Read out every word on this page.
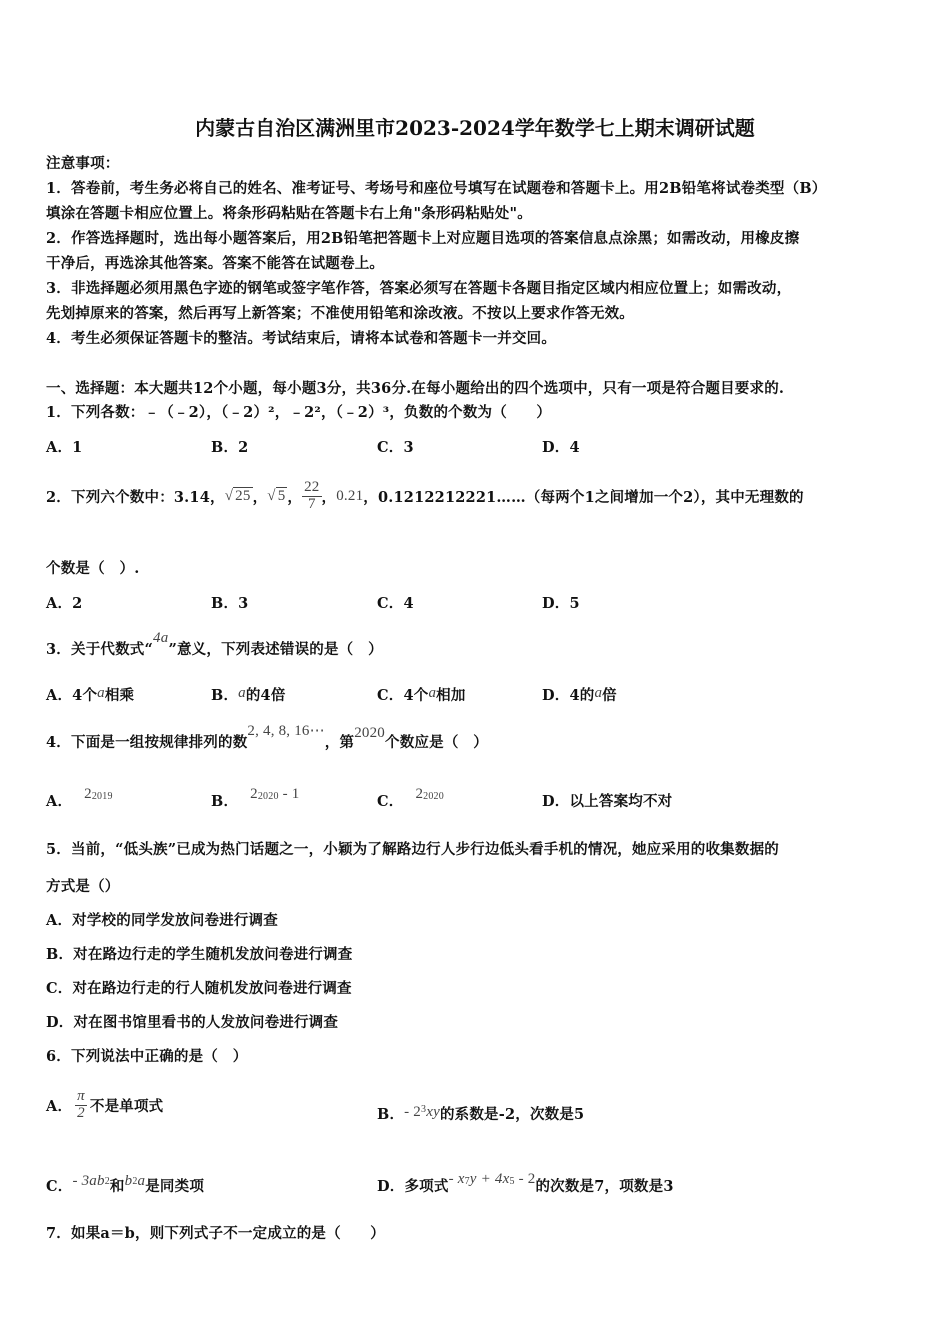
内蒙古自治区满洲里市2023-2024学年数学七上期末调研试题
注意事项：
1．答卷前，考生务必将自己的姓名、准考证号、考场号和座位号填写在试题卷和答题卡上。用2B铅笔将试卷类型（B）
填涂在答题卡相应位置上。将条形码粘贴在答题卡右上角"条形码粘贴处"。
2．作答选择题时，选出每小题答案后，用2B铅笔把答题卡上对应题目选项的答案信息点涂黑；如需改动，用橡皮擦
干净后，再选涂其他答案。答案不能答在试题卷上。
3．非选择题必须用黑色字迹的钢笔或签字笔作答，答案必须写在答题卡各题目指定区域内相应位置上；如需改动，
先划掉原来的答案，然后再写上新答案；不准使用铅笔和涂改液。不按以上要求作答无效。
4．考生必须保证答题卡的整洁。考试结束后，请将本试卷和答题卡一并交回。
一、选择题：本大题共12个小题，每小题3分，共36分.在每小题给出的四个选项中，只有一项是符合题目要求的.
1．下列各数：﹣（﹣2），（﹣2）²，﹣2²，（﹣2）³，负数的个数为（　　）
A．1	B．2	C．3	D．4
2．下列六个数中：3.14， √ 25 ， √ 5 ， $\frac{22}{7}$ ， 0.21 ，0.1212212221……（每两个1之间增加一个2），其中无理数的
个数是（　）.
A．2	B．3	C．4	D．5
3．关于代数式“4a”意义，下列表述错误的是（　）
A．4个a相乘	B．a的4倍	C．4个a相加	D．4的a倍
4．下面是一组按规律排列的数2, 4, 8, 16⋯，第2020个数应是（　）
A． $2^{2019}$	B． $2^{2020} - 1$	C． $2^{2020}$	D．以上答案均不对
5．当前，“低头族”已成为热门话题之一，小颖为了解路边行人步行边低头看手机的情况，她应采用的收集数据的
方式是（）
A．对学校的同学发放问卷进行调查
B．对在路边行走的学生随机发放问卷进行调查
C．对在路边行走的行人随机发放问卷进行调查
D．对在图书馆里看书的人发放问卷进行调查
6．下列说法中正确的是（　）
A． $\frac{\pi}{2}$ 不是单项式	B．- $2^3xy$的系数是-2，次数是5
C．- $3ab^2$和$b^2a$是同类项	D．多项式- $x^7y + 4x^5 - 2$的次数是7，项数是3
7．如果a＝b，则下列式子不一定成立的是（　　）
